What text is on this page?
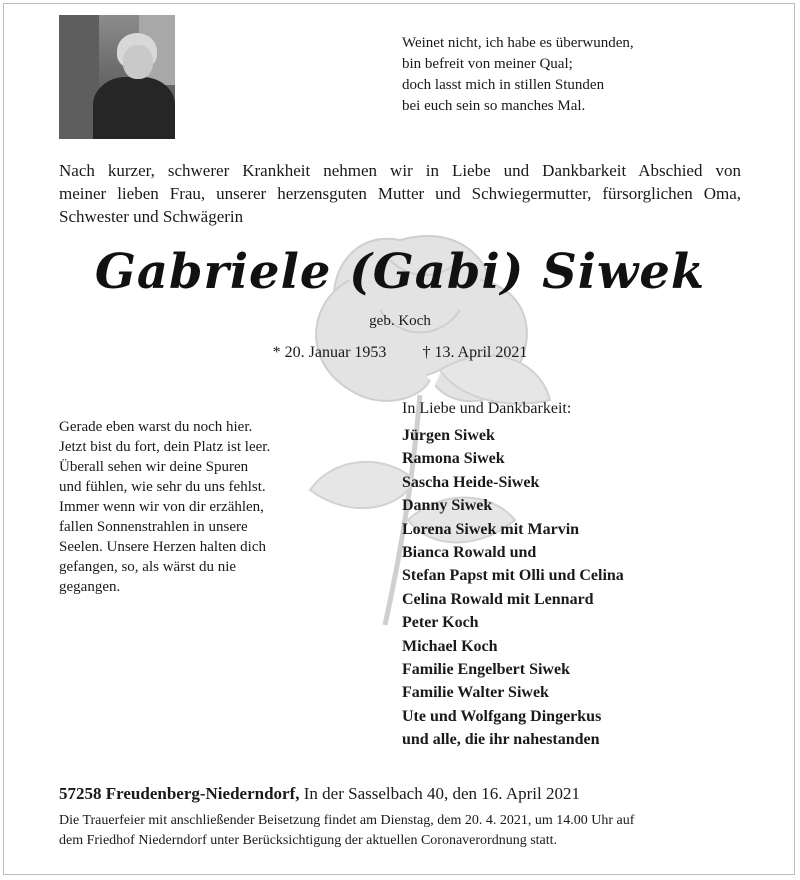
Weinet nicht, ich habe es überwunden,
bin befreit von meiner Qual;
doch lasst mich in stillen Stunden
bei euch sein so manches Mal.
Nach kurzer, schwerer Krankheit nehmen wir in Liebe und Dankbarkeit Abschied von
meiner lieben Frau, unserer herzensguten Mutter und Schwiegermutter, fürsorglichen Oma,
Schwester und Schwägerin
Gabriele (Gabi) Siwek
geb. Koch
* 20. Januar 1953 † 13. April 2021
Gerade eben warst du noch hier.
Jetzt bist du fort, dein Platz ist leer.
Überall sehen wir deine Spuren
und fühlen, wie sehr du uns fehlst.
Immer wenn wir von dir erzählen,
fallen Sonnenstrahlen in unsere
Seelen. Unsere Herzen halten dich
gefangen, so, als wärst du nie
gegangen.
In Liebe und Dankbarkeit:
Jürgen Siwek
Ramona Siwek
Sascha Heide-Siwek
Danny Siwek
Lorena Siwek mit Marvin
Bianca Rowald und
Stefan Papst mit Olli und Celina
Celina Rowald mit Lennard
Peter Koch
Michael Koch
Familie Engelbert Siwek
Familie Walter Siwek
Ute und Wolfgang Dingerkus
und alle, die ihr nahestanden
57258 Freudenberg-Niederndorf, In der Sasselbach 40, den 16. April 2021
Die Trauerfeier mit anschließender Beisetzung findet am Dienstag, dem 20. 4. 2021, um 14.00 Uhr auf
dem Friedhof Niederndorf unter Berücksichtigung der aktuellen Coronaverordnung statt.
